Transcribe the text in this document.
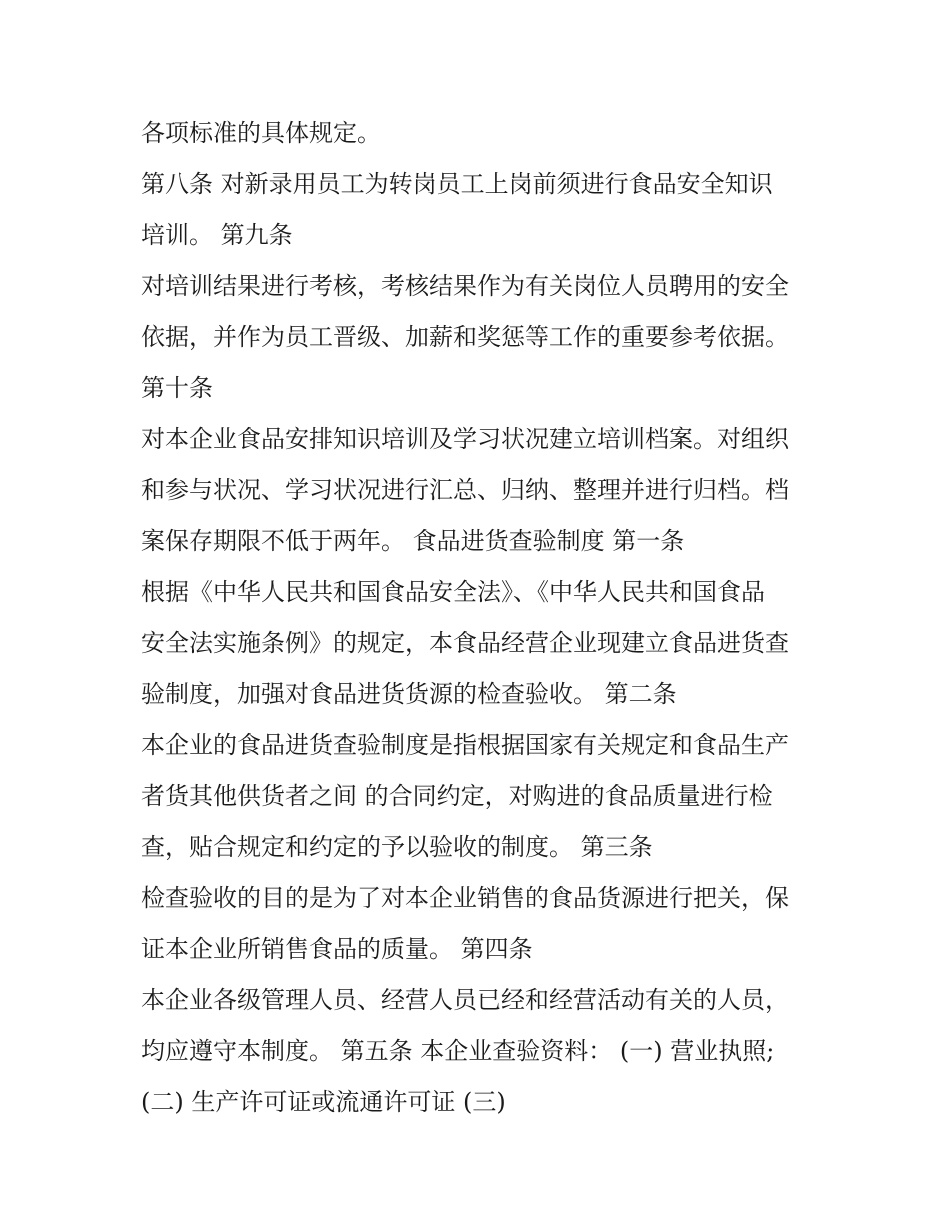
各项标准的具体规定。
第八条 对新录用员工为转岗员工上岗前须进行食品安全知识
培训。 第九条
对培训结果进行考核，考核结果作为有关岗位人员聘用的安全
依据，并作为员工晋级、加薪和奖惩等工作的重要参考依据。
第十条
对本企业食品安排知识培训及学习状况建立培训档案。对组织
和参与状况、学习状况进行汇总、归纳、整理并进行归档。档
案保存期限不低于两年。 食品进货查验制度 第一条
根据《中华人民共和国食品安全法》、《中华人民共和国食品
安全法实施条例》的规定，本食品经营企业现建立食品进货查
验制度，加强对食品进货货源的检查验收。 第二条
本企业的食品进货查验制度是指根据国家有关规定和食品生产
者货其他供货者之间 的合同约定，对购进的食品质量进行检
查，贴合规定和约定的予以验收的制度。 第三条
检查验收的目的是为了对本企业销售的食品货源进行把关，保
证本企业所销售食品的质量。 第四条
本企业各级管理人员、经营人员已经和经营活动有关的人员，
均应遵守本制度。 第五条 本企业查验资料： (一) 营业执照;
(二) 生产许可证或流通许可证 (三)
